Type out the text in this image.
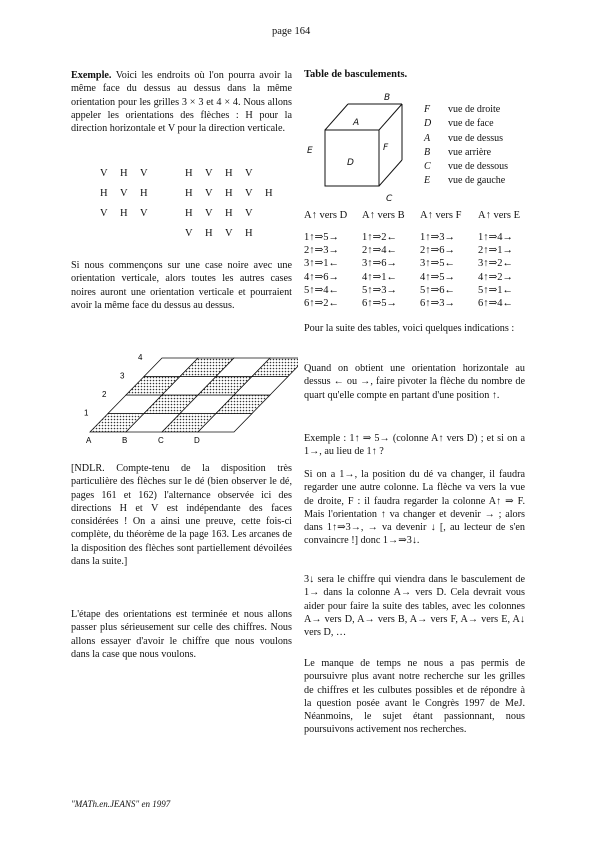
page 164

Exemple. Voici les endroits où l'on pourra avoir la même face du dessus au dessus dans la même orientation pour les grilles 3 × 3 et 4 × 4. Nous allons appeler les orientations des flèches : H pour la direction horizontale et V pour la direction verticale.

V	H	V
H	V	H
V	H	V
H	V	H	V
H	V	H	V	H
H	V	H	V
V	H	V	H

Si nous commençons sur une case noire avec une orientation verticale, alors toutes les autres cases noires auront une orientation verticale et pourraient avoir la même face du dessus au dessus.

1
2
3
4
A	B	C	D

[NDLR. Compte-tenu de la disposition très particulière des flèches sur le dé (bien observer le dé, pages 161 et 162) l'alternance observée ici des directions H et V est indépendante des faces considérées ! On a ainsi une preuve, cette fois-ci complète, du théorème de la page 163. Les arcanes de la disposition des flèches sont partiellement dévoilées dans la suite.]

L'étape des orientations est terminée et nous allons passer plus sérieusement sur celle des chiffres. Nous allons essayer d'avoir le chiffre que nous voulons dans la case que nous voulons.

Table de basculements.
A
D
F
B
C
E
F vue de droite
D vue de face
A vue de dessus
B vue arrière
C vue de dessous
E vue de gauche
A↑ vers D	A↑ vers B	A↑ vers F	A↑ vers E
1↑⇒5→	1↑⇒2←	1↑⇒3→	1↑⇒4→
2↑⇒3→	2↑⇒4←	2↑⇒6→	2↑⇒1→
3↑⇒1←	3↑⇒6→	3↑⇒5←	3↑⇒2←
4↑⇒6→	4↑⇒1←	4↑⇒5→	4↑⇒2→
5↑⇒4←	5↑⇒3→	5↑⇒6←	5↑⇒1←
6↑⇒2←	6↑⇒5→	6↑⇒3→	6↑⇒4←

Pour la suite des tables, voici quelques indications :

Quand on obtient une orientation horizontale au dessus ← ou →, faire pivoter la flèche du nombre de quart qu'elle compte en partant d'une position ↑.

Exemple : 1↑ ⇒ 5→ (colonne A↑ vers D) ; et si on a 1→, au lieu de 1↑ ?

Si on a 1→, la position du dé va changer, il faudra regarder une autre colonne. La flèche va vers la vue de droite, F : il faudra regarder la colonne A↑ ⇒ F. Mais l'orientation ↑ va changer et devenir → ; alors dans 1↑⇒3→, → va devenir ↓ [, au lecteur de s'en convaincre !] donc 1→⇒3↓.

3↓ sera le chiffre qui viendra dans le basculement de 1→ dans la colonne A→ vers D. Cela devrait vous aider pour faire la suite des tables, avec les colonnes A→ vers D, A→ vers B, A→ vers F, A→ vers E, A↓ vers D, …

Le manque de temps ne nous a pas permis de poursuivre plus avant notre recherche sur les grilles de chiffres et les culbutes possibles et de répondre à la question posée avant le Congrès 1997 de MeJ. Néanmoins, le sujet étant passionnant, nous poursuivons activement nos recherches.

"MATh.en.JEANS" en 1997
